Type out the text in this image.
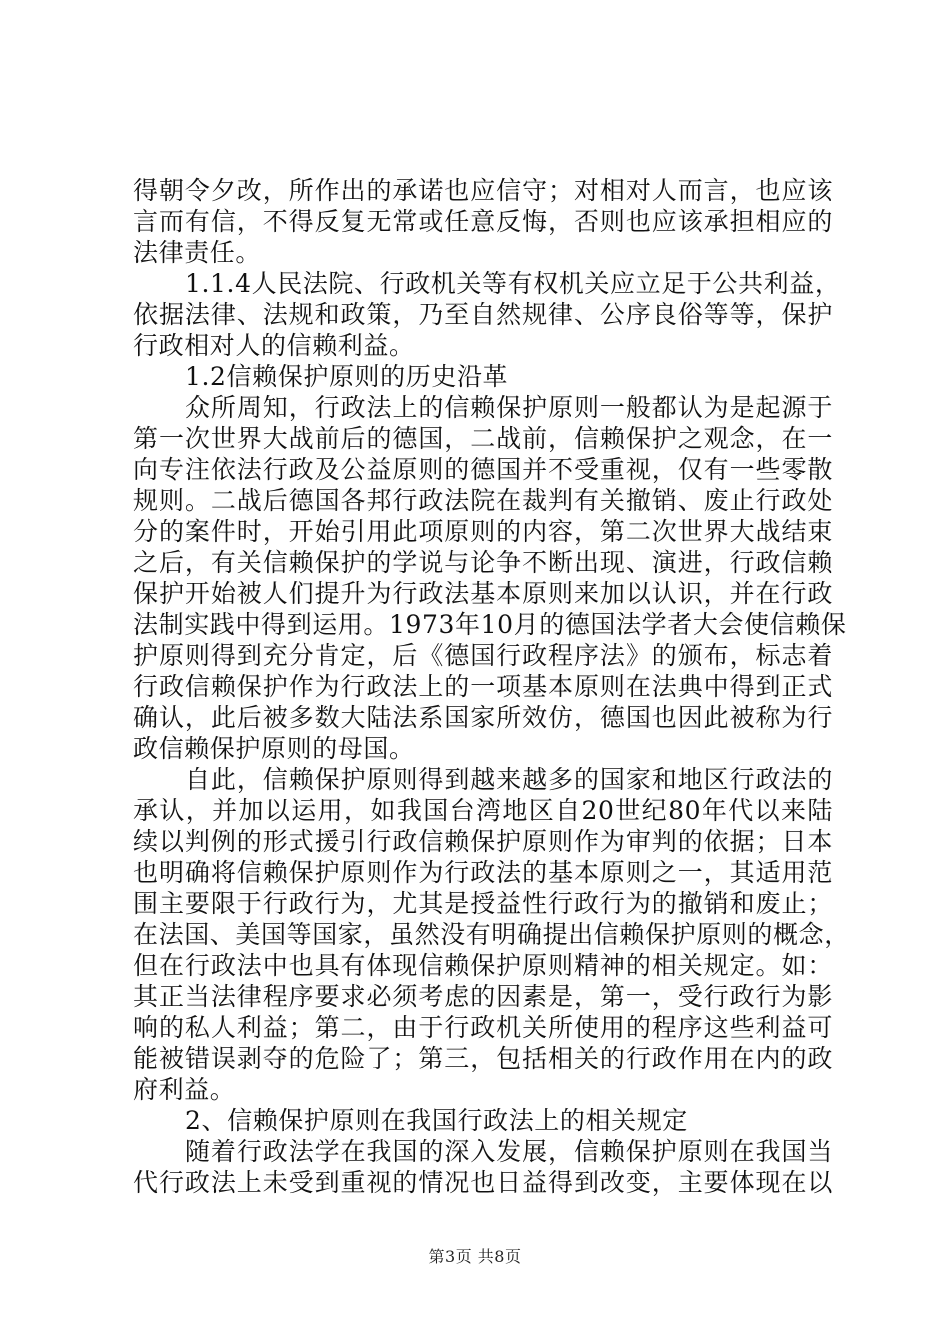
得朝令夕改，所作出的承诺也应信守；对相对人而言，也应该
言而有信，不得反复无常或任意反悔，否则也应该承担相应的
法律责任。
1.1.4人民法院、行政机关等有权机关应立足于公共利益，
依据法律、法规和政策，乃至自然规律、公序良俗等等，保护
行政相对人的信赖利益。
1.2信赖保护原则的历史沿革
众所周知，行政法上的信赖保护原则一般都认为是起源于
第一次世界大战前后的德国，二战前，信赖保护之观念，在一
向专注依法行政及公益原则的德国并不受重视，仅有一些零散
规则。二战后德国各邦行政法院在裁判有关撤销、废止行政处
分的案件时，开始引用此项原则的内容，第二次世界大战结束
之后，有关信赖保护的学说与论争不断出现、演进，行政信赖
保护开始被人们提升为行政法基本原则来加以认识，并在行政
法制实践中得到运用。1973年10月的德国法学者大会使信赖保
护原则得到充分肯定，后《德国行政程序法》的颁布，标志着
行政信赖保护作为行政法上的一项基本原则在法典中得到正式
确认，此后被多数大陆法系国家所效仿，德国也因此被称为行
政信赖保护原则的母国。
自此，信赖保护原则得到越来越多的国家和地区行政法的
承认，并加以运用，如我国台湾地区自20世纪80年代以来陆
续以判例的形式援引行政信赖保护原则作为审判的依据；日本
也明确将信赖保护原则作为行政法的基本原则之一，其适用范
围主要限于行政行为，尤其是授益性行政行为的撤销和废止；
在法国、美国等国家，虽然没有明确提出信赖保护原则的概念，
但在行政法中也具有体现信赖保护原则精神的相关规定。如：
其正当法律程序要求必须考虑的因素是，第一，受行政行为影
响的私人利益；第二，由于行政机关所使用的程序这些利益可
能被错误剥夺的危险了；第三，包括相关的行政作用在内的政
府利益。
2、信赖保护原则在我国行政法上的相关规定
随着行政法学在我国的深入发展，信赖保护原则在我国当
代行政法上未受到重视的情况也日益得到改变，主要体现在以
第3页 共8页
